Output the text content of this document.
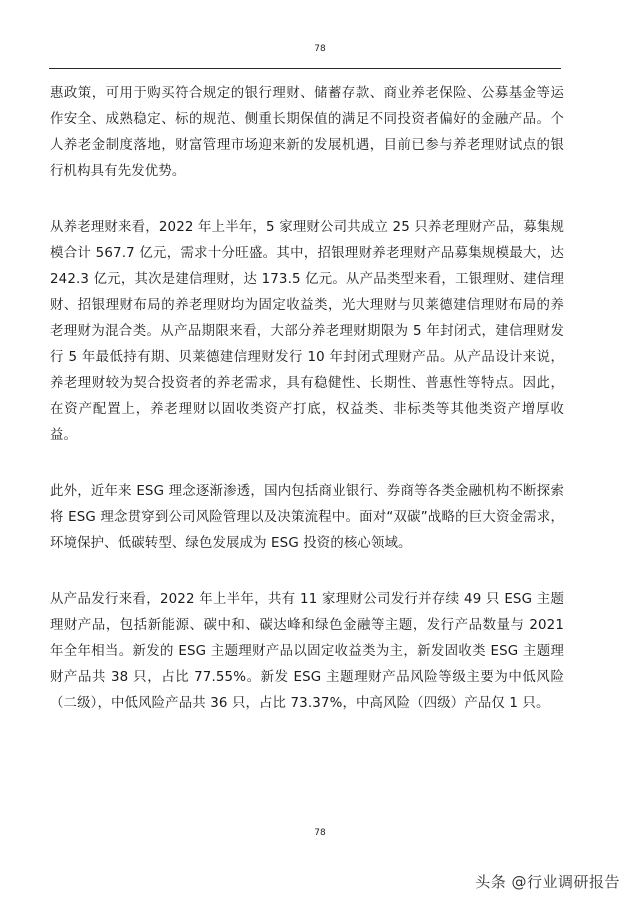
78

惠政策，可用于购买符合规定的银行理财、储蓄存款、商业养老保险、公募基金等运作安全、成熟稳定、标的规范、侧重长期保值的满足不同投资者偏好的金融产品。个人养老金制度落地，财富管理市场迎来新的发展机遇，目前已参与养老理财试点的银行机构具有先发优势。

从养老理财来看，2022 年上半年，5 家理财公司共成立 25 只养老理财产品，募集规模合计 567.7 亿元，需求十分旺盛。其中，招银理财养老理财产品募集规模最大，达 242.3 亿元，其次是建信理财，达 173.5 亿元。从产品类型来看，工银理财、建信理财、招银理财布局的养老理财均为固定收益类，光大理财与贝莱德建信理财布局的养老理财为混合类。从产品期限来看，大部分养老理财期限为 5 年封闭式，建信理财发行 5 年最低持有期、贝莱德建信理财发行 10 年封闭式理财产品。从产品设计来说，养老理财较为契合投资者的养老需求，具有稳健性、长期性、普惠性等特点。因此，在资产配置上，养老理财以固收类资产打底，权益类、非标类等其他类资产增厚收益。

此外，近年来 ESG 理念逐渐渗透，国内包括商业银行、券商等各类金融机构不断探索将 ESG 理念贯穿到公司风险管理以及决策流程中。面对“双碳”战略的巨大资金需求，环境保护、低碳转型、绿色发展成为 ESG 投资的核心领域。

从产品发行来看，2022 年上半年，共有 11 家理财公司发行并存续 49 只 ESG 主题理财产品，包括新能源、碳中和、碳达峰和绿色金融等主题，发行产品数量与 2021 年全年相当。新发的 ESG 主题理财产品以固定收益类为主，新发固收类 ESG 主题理财产品共 38 只，占比 77.55%。新发 ESG 主题理财产品风险等级主要为中低风险（二级），中低风险产品共 36 只，占比 73.37%，中高风险（四级）产品仅 1 只。

78
头条 @行业调研报告
